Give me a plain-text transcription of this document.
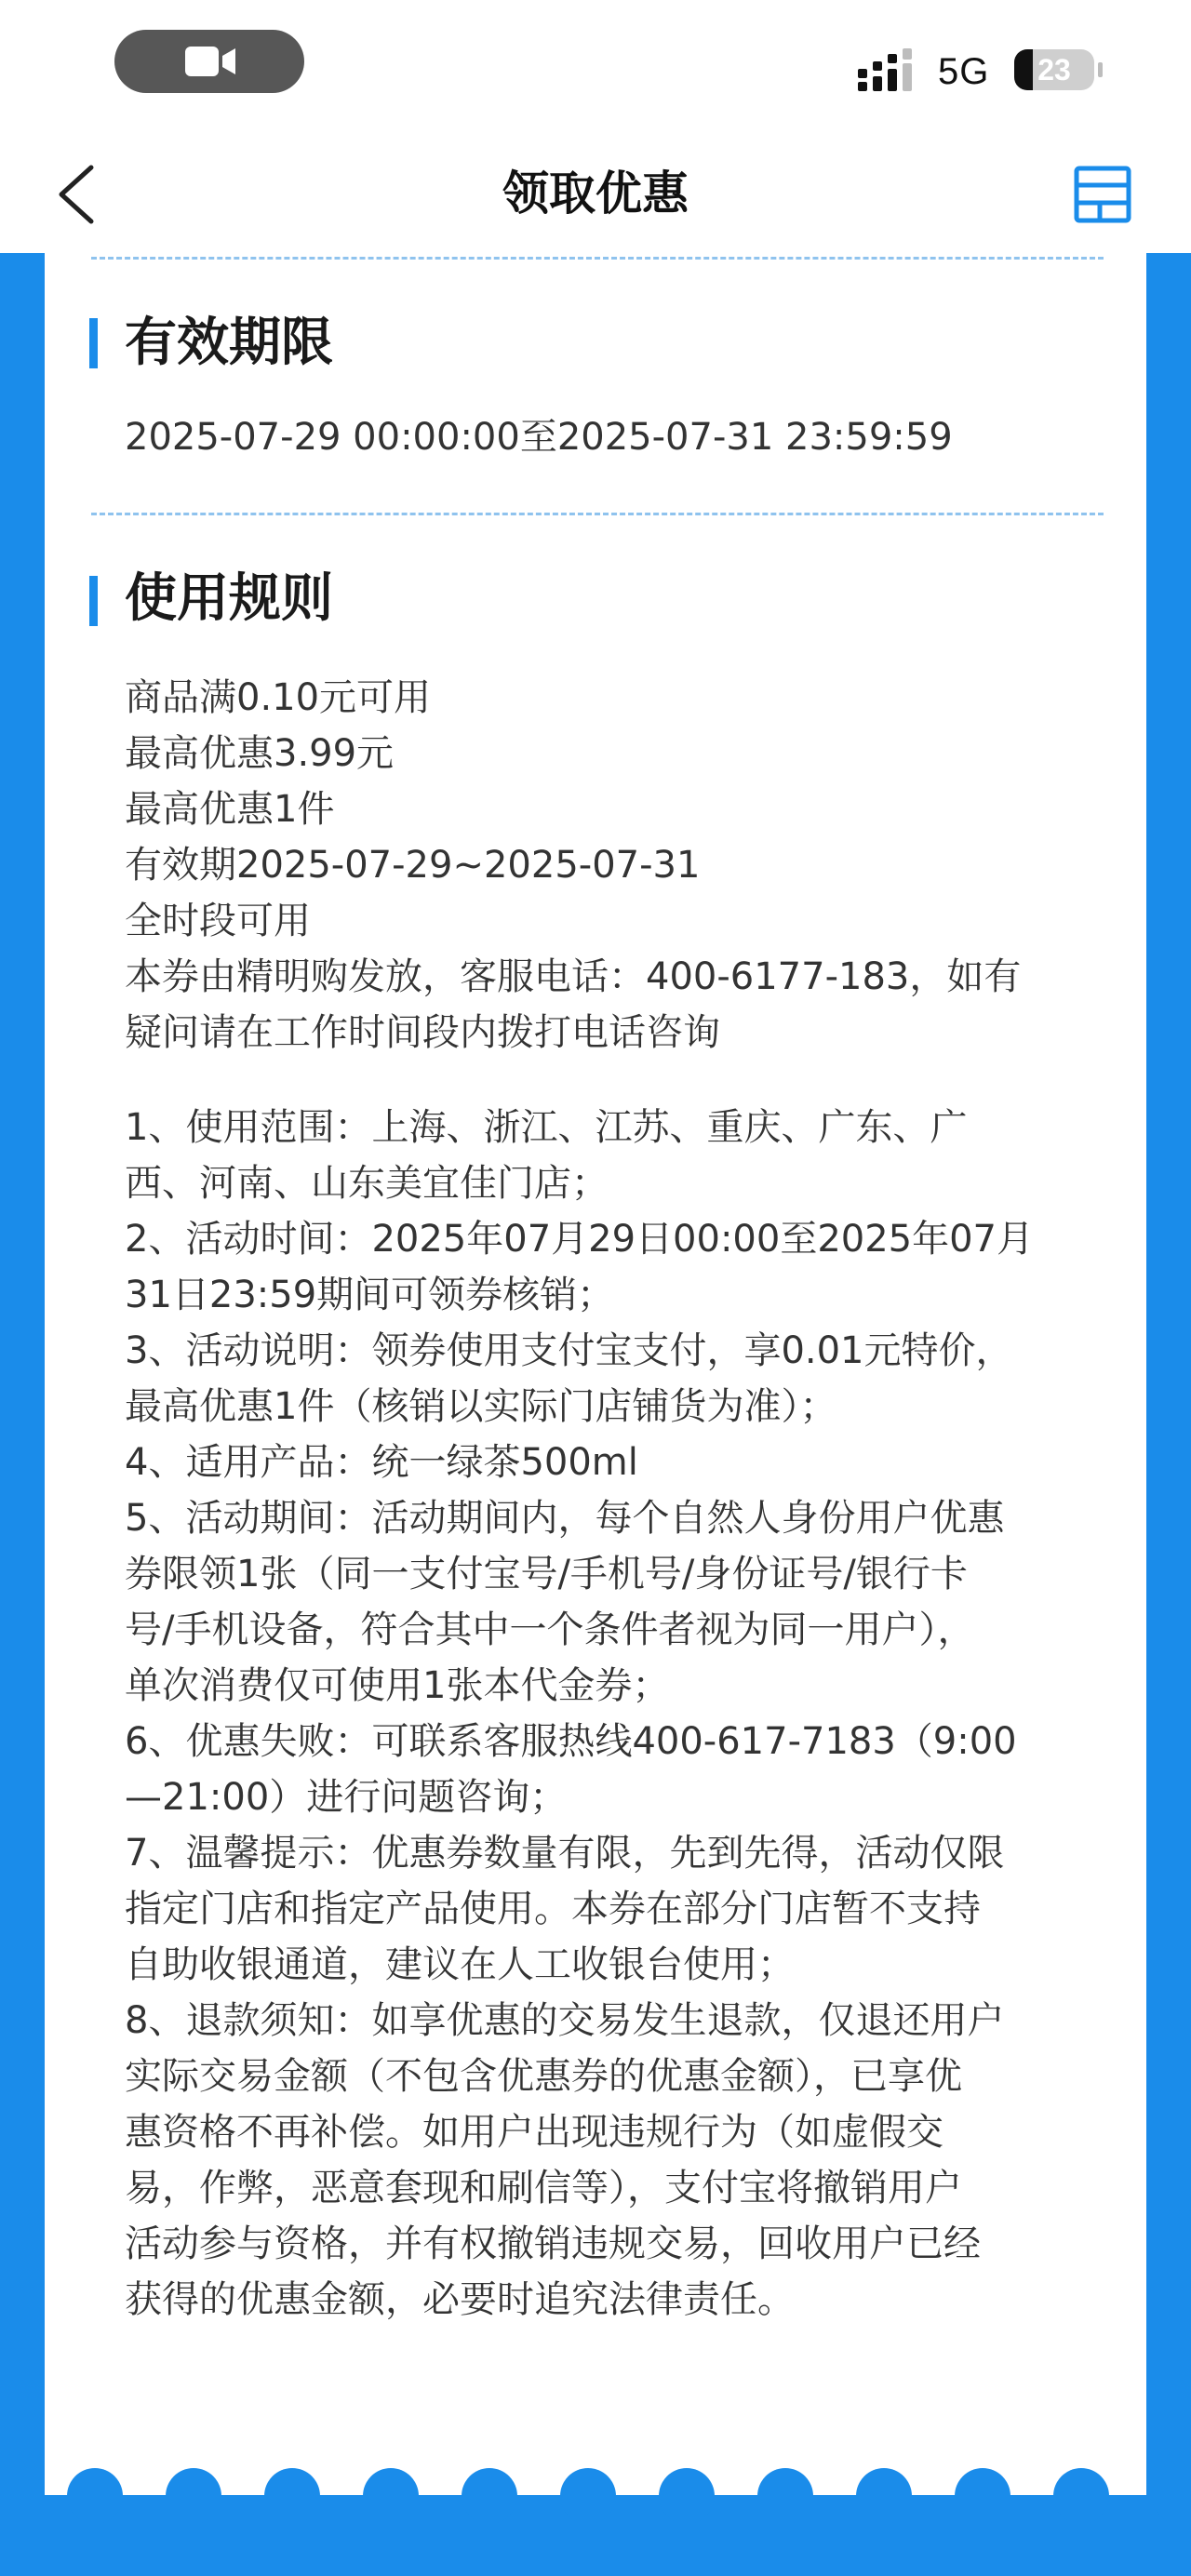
5G	23
领取优惠
有效期限
2025-07-29 00:00:00至2025-07-31 23:59:59
使用规则

商品满0.10元可用

最高优惠3.99元

最高优惠1件

有效期2025-07-29~2025-07-31

全时段可用

本券由精明购发放，客服电话：400-6177-183，如有

疑问请在工作时间段内拨打电话咨询

1、使用范围：上海、浙江、江苏、重庆、广东、广

西、河南、山东美宜佳门店；

2、活动时间：2025年07月29日00:00至2025年07月

31日23:59期间可领券核销；

3、活动说明：领券使用支付宝支付，享0.01元特价，

最高优惠1件（核销以实际门店铺货为准）；

4、适用产品：统一绿茶500ml

5、活动期间：活动期间内，每个自然人身份用户优惠

券限领1张（同一支付宝号/手机号/身份证号/银行卡

号/手机设备，符合其中一个条件者视为同一用户），

单次消费仅可使用1张本代金券；

6、优惠失败：可联系客服热线400-617-7183（9:00

—21:00）进行问题咨询；

7、温馨提示：优惠券数量有限，先到先得，活动仅限

指定门店和指定产品使用。本券在部分门店暂不支持

自助收银通道，建议在人工收银台使用；

8、退款须知：如享优惠的交易发生退款，仅退还用户

实际交易金额（不包含优惠券的优惠金额），已享优

惠资格不再补偿。如用户出现违规行为（如虚假交

易，作弊，恶意套现和刷信等），支付宝将撤销用户

活动参与资格，并有权撤销违规交易，回收用户已经

获得的优惠金额，必要时追究法律责任。
